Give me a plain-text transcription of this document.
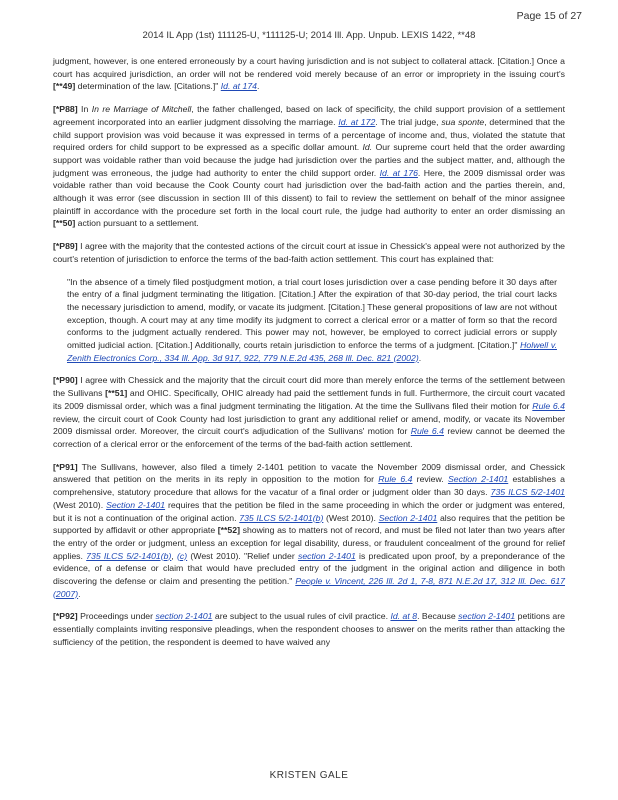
Page 15 of 27
2014 IL App (1st) 111125-U, *111125-U; 2014 Ill. App. Unpub. LEXIS 1422, **48

judgment, however, is one entered erroneously by a court having jurisdiction and is not subject to collateral attack. [Citation.] Once a court has acquired jurisdiction, an order will not be rendered void merely because of an error or impropriety in the issuing court's [**49] determination of the law. [Citations.]" Id. at 174.

[*P88] In In re Marriage of Mitchell, the father challenged, based on lack of specificity, the child support provision of a settlement agreement incorporated into an earlier judgment dissolving the marriage. Id. at 172. The trial judge, sua sponte, determined that the child support provision was void because it was expressed in terms of a percentage of income and, thus, violated the statute that required orders for child support to be expressed as a specific dollar amount. Id. Our supreme court held that the order awarding support was voidable rather than void because the judge had jurisdiction over the parties and the subject matter, and, although the judgment was erroneous, the judge had authority to enter the child support order. Id. at 176. Here, the 2009 dismissal order was voidable rather than void because the Cook County court had jurisdiction over the bad-faith action and the parties therein, and, although it was error (see discussion in section III of this dissent) to fail to review the settlement on behalf of the minor assignee plaintiff in accordance with the procedure set forth in the local court rule, the judge had authority to enter an order dismissing an [**50] action pursuant to a settlement.

[*P89] I agree with the majority that the contested actions of the circuit court at issue in Chessick's appeal were not authorized by the court's retention of jurisdiction to enforce the terms of the bad-faith action settlement. This court has explained that:

"In the absence of a timely filed postjudgment motion, a trial court loses jurisdiction over a case pending before it 30 days after the entry of a final judgment terminating the litigation. [Citation.] After the expiration of that 30-day period, the trial court lacks the necessary jurisdiction to amend, modify, or vacate its judgment. [Citation.] These general propositions of law are not without exception, though. A court may at any time modify its judgment to correct a clerical error or a matter of form so that the record conforms to the judgment actually rendered. This power may not, however, be employed to correct judicial errors or supply omitted judicial action. [Citation.] Additionally, courts retain jurisdiction to enforce the terms of a judgment. [Citation.]" Holwell v. Zenith Electronics Corp., 334 Ill. App. 3d 917, 922, 779 N.E.2d 435, 268 Ill. Dec. 821 (2002).

[*P90] I agree with Chessick and the majority that the circuit court did more than merely enforce the terms of the settlement between the Sullivans [**51] and OHIC. Specifically, OHIC already had paid the settlement funds in full. Furthermore, the circuit court vacated its 2009 dismissal order, which was a final judgment terminating the litigation. At the time the Sullivans filed their motion for Rule 6.4 review, the circuit court of Cook County had lost jurisdiction to grant any additional relief or amend, modify, or vacate its November 2009 dismissal order. Moreover, the circuit court's adjudication of the Sullivans' motion for Rule 6.4 review cannot be deemed the correction of a clerical error or the enforcement of the terms of the bad-faith action settlement.

[*P91] The Sullivans, however, also filed a timely 2-1401 petition to vacate the November 2009 dismissal order, and Chessick answered that petition on the merits in its reply in opposition to the motion for Rule 6.4 review. Section 2-1401 establishes a comprehensive, statutory procedure that allows for the vacatur of a final order or judgment older than 30 days. 735 ILCS 5/2-1401 (West 2010). Section 2-1401 requires that the petition be filed in the same proceeding in which the order or judgment was entered, but it is not a continuation of the original action. 735 ILCS 5/2-1401(b) (West 2010). Section 2-1401 also requires that the petition be supported by affidavit or other appropriate [**52] showing as to matters not of record, and must be filed not later than two years after the entry of the order or judgment, unless an exception for legal disability, duress, or fraudulent concealment of the ground for relief applies. 735 ILCS 5/2-1401(b), (c) (West 2010). "Relief under section 2-1401 is predicated upon proof, by a preponderance of the evidence, of a defense or claim that would have precluded entry of the judgment in the original action and diligence in both discovering the defense or claim and presenting the petition." People v. Vincent, 226 Ill. 2d 1, 7-8, 871 N.E.2d 17, 312 Ill. Dec. 617 (2007).

[*P92] Proceedings under section 2-1401 are subject to the usual rules of civil practice. Id. at 8. Because section 2-1401 petitions are essentially complaints inviting responsive pleadings, when the respondent chooses to answer on the merits rather than attacking the sufficiency of the petition, the respondent is deemed to have waived any

KRISTEN GALE
